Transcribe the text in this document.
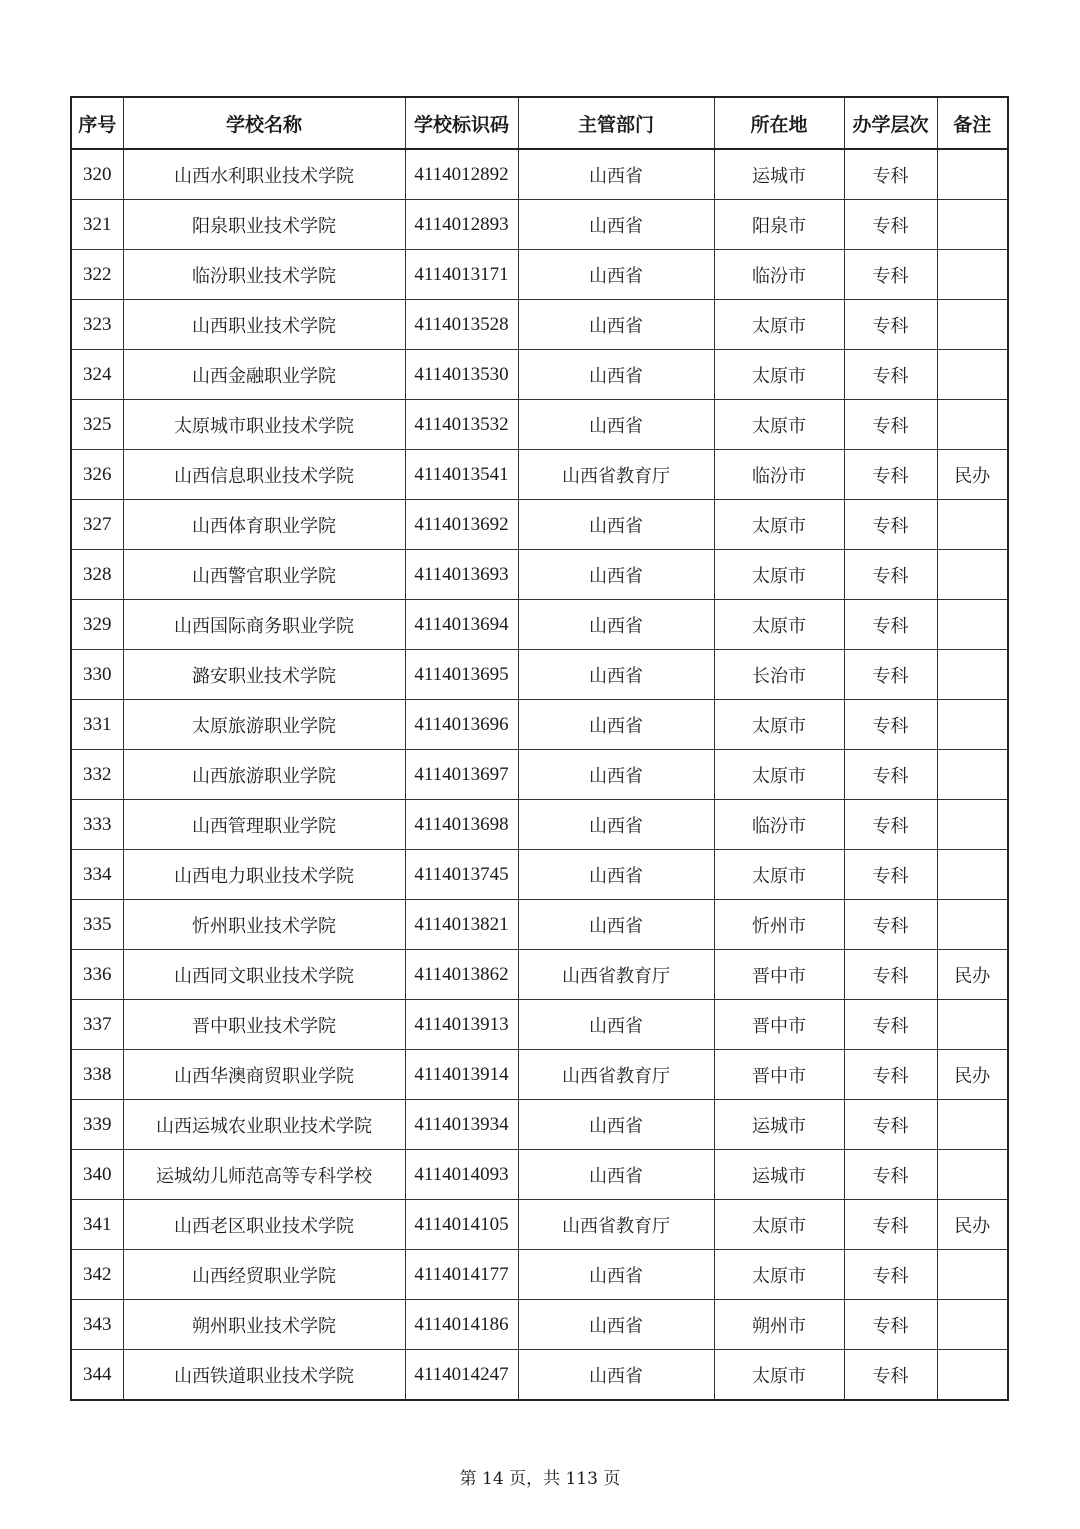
序号	学校名称	学校标识码	主管部门	所在地	办学层次	备注
320	山西水利职业技术学院	4114012892	山西省	运城市	专科	
321	阳泉职业技术学院	4114012893	山西省	阳泉市	专科	
322	临汾职业技术学院	4114013171	山西省	临汾市	专科	
323	山西职业技术学院	4114013528	山西省	太原市	专科	
324	山西金融职业学院	4114013530	山西省	太原市	专科	
325	太原城市职业技术学院	4114013532	山西省	太原市	专科	
326	山西信息职业技术学院	4114013541	山西省教育厅	临汾市	专科	民办
327	山西体育职业学院	4114013692	山西省	太原市	专科	
328	山西警官职业学院	4114013693	山西省	太原市	专科	
329	山西国际商务职业学院	4114013694	山西省	太原市	专科	
330	潞安职业技术学院	4114013695	山西省	长治市	专科	
331	太原旅游职业学院	4114013696	山西省	太原市	专科	
332	山西旅游职业学院	4114013697	山西省	太原市	专科	
333	山西管理职业学院	4114013698	山西省	临汾市	专科	
334	山西电力职业技术学院	4114013745	山西省	太原市	专科	
335	忻州职业技术学院	4114013821	山西省	忻州市	专科	
336	山西同文职业技术学院	4114013862	山西省教育厅	晋中市	专科	民办
337	晋中职业技术学院	4114013913	山西省	晋中市	专科	
338	山西华澳商贸职业学院	4114013914	山西省教育厅	晋中市	专科	民办
339	山西运城农业职业技术学院	4114013934	山西省	运城市	专科	
340	运城幼儿师范高等专科学校	4114014093	山西省	运城市	专科	
341	山西老区职业技术学院	4114014105	山西省教育厅	太原市	专科	民办
342	山西经贸职业学院	4114014177	山西省	太原市	专科	
343	朔州职业技术学院	4114014186	山西省	朔州市	专科	
344	山西铁道职业技术学院	4114014247	山西省	太原市	专科	
第 14 页，共 113 页
